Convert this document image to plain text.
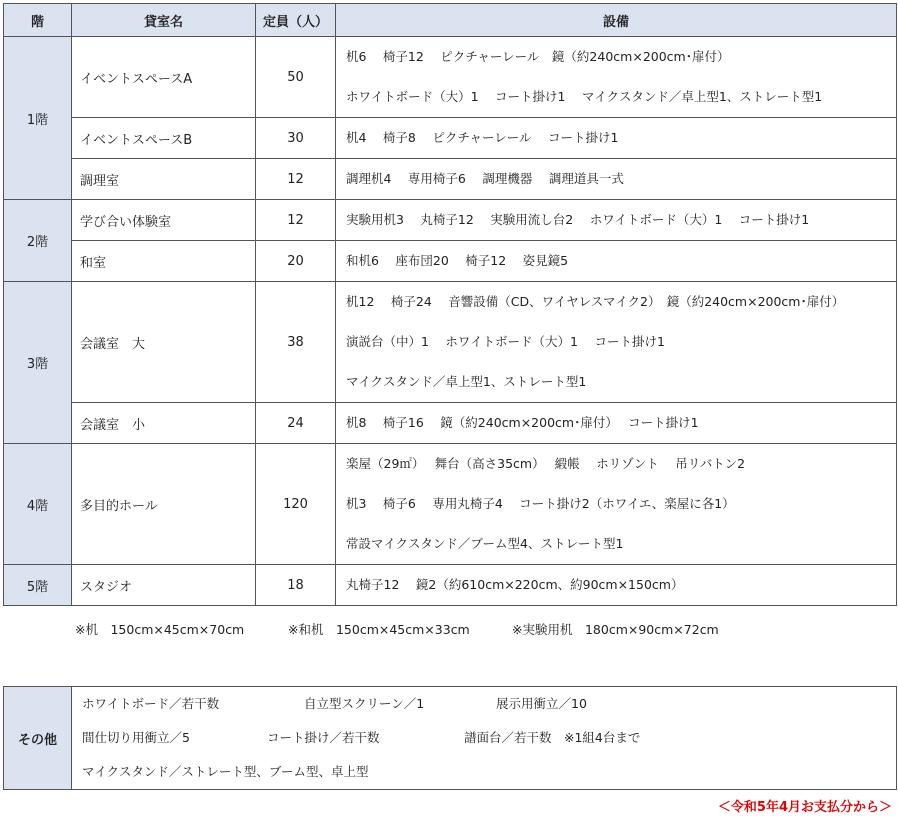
階	貸室名	定員（人）	設備
1階	イベントスペースA	50	机6　 椅子12　 ピクチャーレール　鏡（約240cm×200cm･扉付）
ホワイトボード（大）1　 コート掛け1　 マイクスタンド／卓上型1、ストレート型1

	イベントスペースB	30	机4　 椅子8　 ピクチャーレール　 コート掛け1

	調理室	12	調理机4　 専用椅子6　 調理機器　 調理道具一式

2階	学び合い体験室	12	実験用机3　 丸椅子12　 実験用流し台2　 ホワイトボード（大）1　 コート掛け1

	和室	20	和机6　 座布団20　 椅子12　 姿見鏡5

3階	会議室　大	38	机12　 椅子24　 音響設備（CD、ワイヤレスマイク2）　鏡（約240cm×200cm･扉付）
演説台（中）1　 ホワイトボード（大）1　 コート掛け1
マイクスタンド／卓上型1、ストレート型1

	会議室　小	24	机8　 椅子16　 鏡（約240cm×200cm･扉付）　 コート掛け1

4階	多目的ホール	120	楽屋（29㎡）　 舞台（高さ35cm）　 緞帳　 ホリゾント　 吊リバトン2
机3　 椅子6　 専用丸椅子4　 コート掛け2（ホワイエ、楽屋に各1）
常設マイクスタンド／ブーム型4、ストレート型1

5階	スタジオ	18	丸椅子12　 鏡2（約610cm×220cm、約90cm×150cm）
※机　150cm×45cm×70cm	※和机　150cm×45cm×33cm	※実験用机　180cm×90cm×72cm
その他	
ホワイトボード／若干数	自立型スクリーン／1	展示用衝立／10
間仕切り用衝立／5	コート掛け／若干数	譜面台／若干数　※1組4台まで
マイクスタンド／ストレート型、ブーム型、卓上型
＜令和5年4月お支払分から＞
